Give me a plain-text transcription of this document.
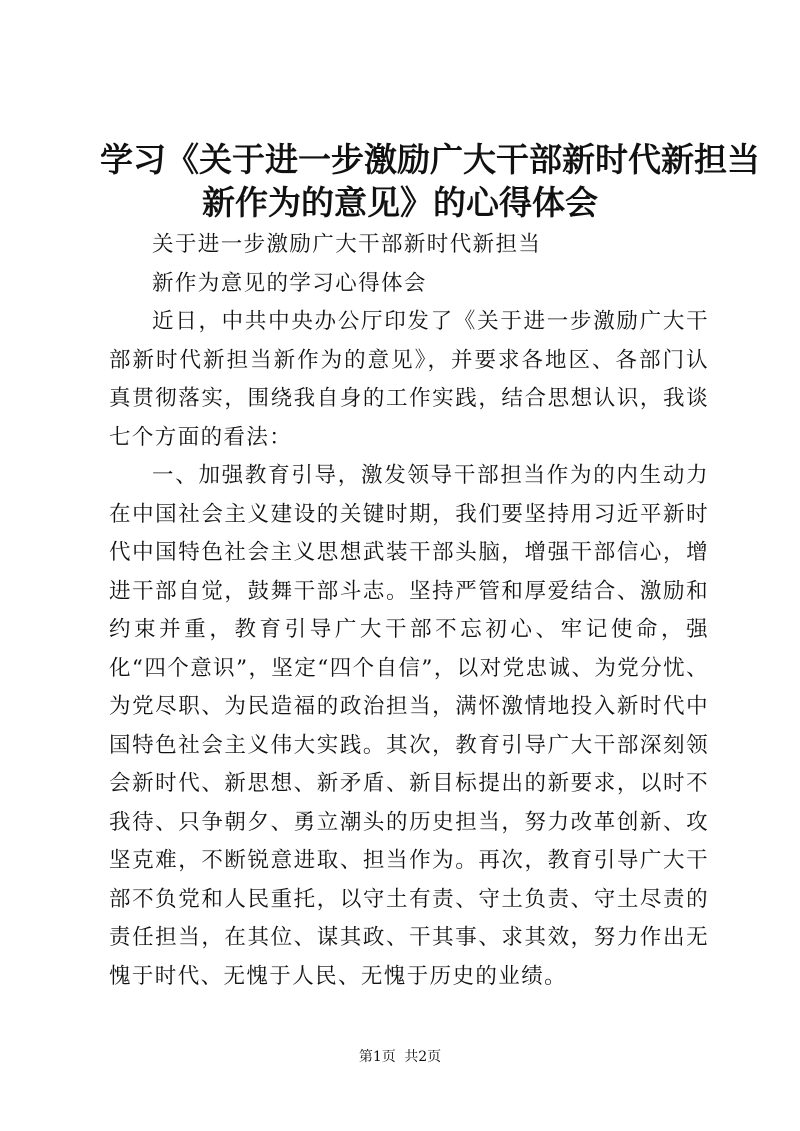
学习《关于进一步激励广大干部新时代新担当
新作为的意见》的心得体会

关于进一步激励广大干部新时代新担当

新作为意见的学习心得体会

近日，中共中央办公厅印发了《关于进一步激励广大干部新时代新担当新作为的意见》，并要求各地区、各部门认真贯彻落实，围绕我自身的工作实践，结合思想认识，我谈七个方面的看法：

一、加强教育引导，激发领导干部担当作为的内生动力在中国社会主义建设的关键时期，我们要坚持用习近平新时代中国特色社会主义思想武装干部头脑，增强干部信心，增进干部自觉，鼓舞干部斗志。坚持严管和厚爱结合、激励和约束并重，教育引导广大干部不忘初心、牢记使命，强化“四个意识”，坚定“四个自信”，以对党忠诚、为党分忧、为党尽职、为民造福的政治担当，满怀激情地投入新时代中国特色社会主义伟大实践。其次，教育引导广大干部深刻领会新时代、新思想、新矛盾、新目标提出的新要求，以时不我待、只争朝夕、勇立潮头的历史担当，努力改革创新、攻坚克难，不断锐意进取、担当作为。再次，教育引导广大干部不负党和人民重托，以守土有责、守土负责、守土尽责的责任担当，在其位、谋其政、干其事、求其效，努力作出无愧于时代、无愧于人民、无愧于历史的业绩。

第1页 共2页
